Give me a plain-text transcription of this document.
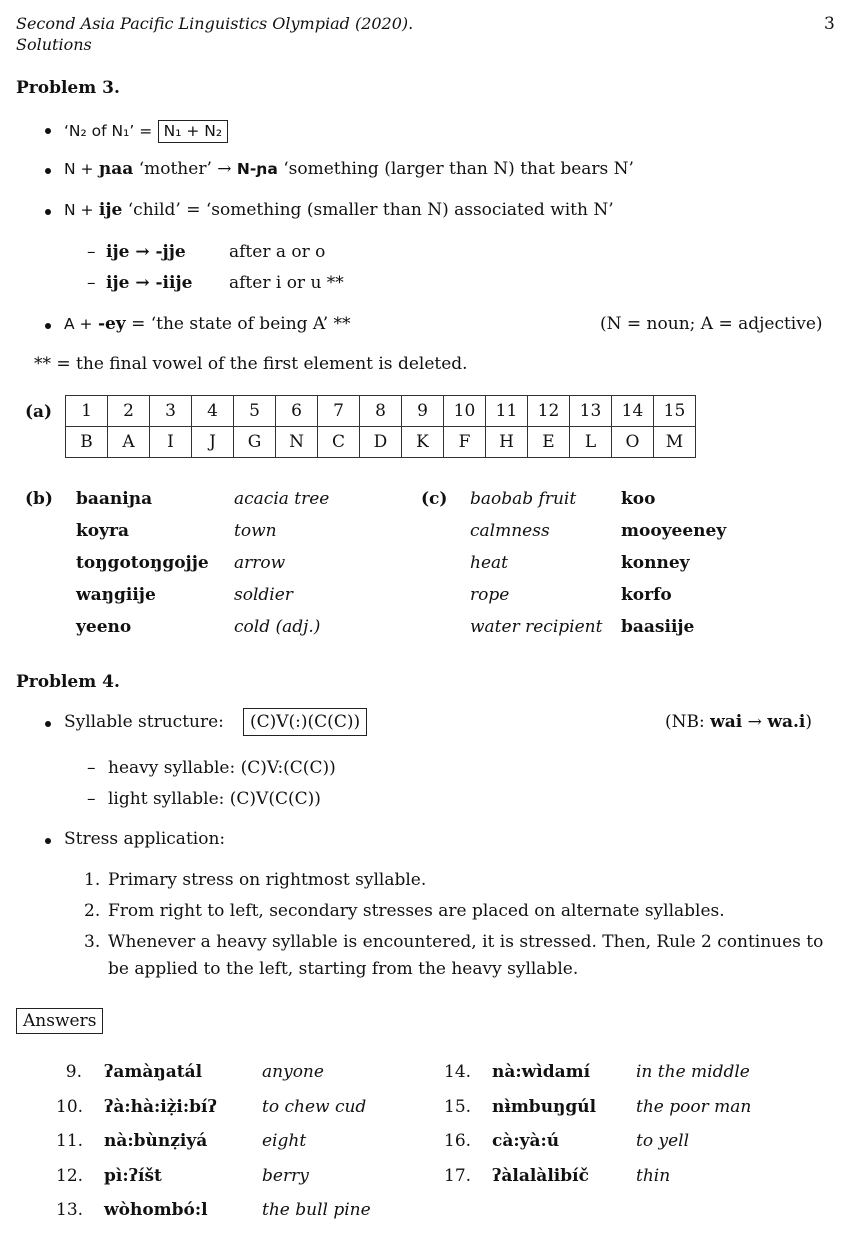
Second Asia Pacific Linguistics Olympiad (2020).
Solutions
3
Problem 3.
‘N₂ of N₁’ = N₁ + N₂
N + ɲaa ‘mother’ → N-ɲa ‘something (larger than N) that bears N’
N + ije ‘child’ = ‘something (smaller than N) associated with N’
– ije → -jje	after a or o
– ije → -iije after i or u **
A + -ey = ‘the state of being A’ **	(N = noun; A = adjective)
** = the final vowel of the first element is deleted.
(a) 1	2	3	4	5	6	7	8	9	10	11	12	13	14	15
B	A	I	J	G	N	C	D	K	F	H	E	L	O	M
(b) baaniɲa	acacia tree
koyra	town
toŋgotoŋgojje arrow
waŋgiije	soldier
yeeno	cold (adj.)
(c) baobab fruit	koo
calmness	mooyeeney
heat	konney
rope	korfo
water recipient baasiije
Problem 4.
Syllable structure:	(C)V(:)(C(C))	(NB: wai → wa.i)
– heavy syllable: (C)V:(C(C))
– light syllable: (C)V(C(C))
Stress application:
1. Primary stress on rightmost syllable.
2. From right to left, secondary stresses are placed on alternate syllables.
3. Whenever a heavy syllable is encountered, it is stressed. Then, Rule 2 continues to
be applied to the left, starting from the heavy syllable.
Answers
9. ʔamàŋatál	anyone
10. ʔà:hà:iẓ̀i:bíʔ	to chew cud
11. nà:bùnẓiyá	eight
12. pì:ʔíšt	berry
13. wòhombó:l	the bull pine
14. nà:wìdamí	in the middle
15. nɨ̀mbuŋgúl the poor man
16. cà:yà:ú	to yell
17. ʔàlalàlibíč	thin
